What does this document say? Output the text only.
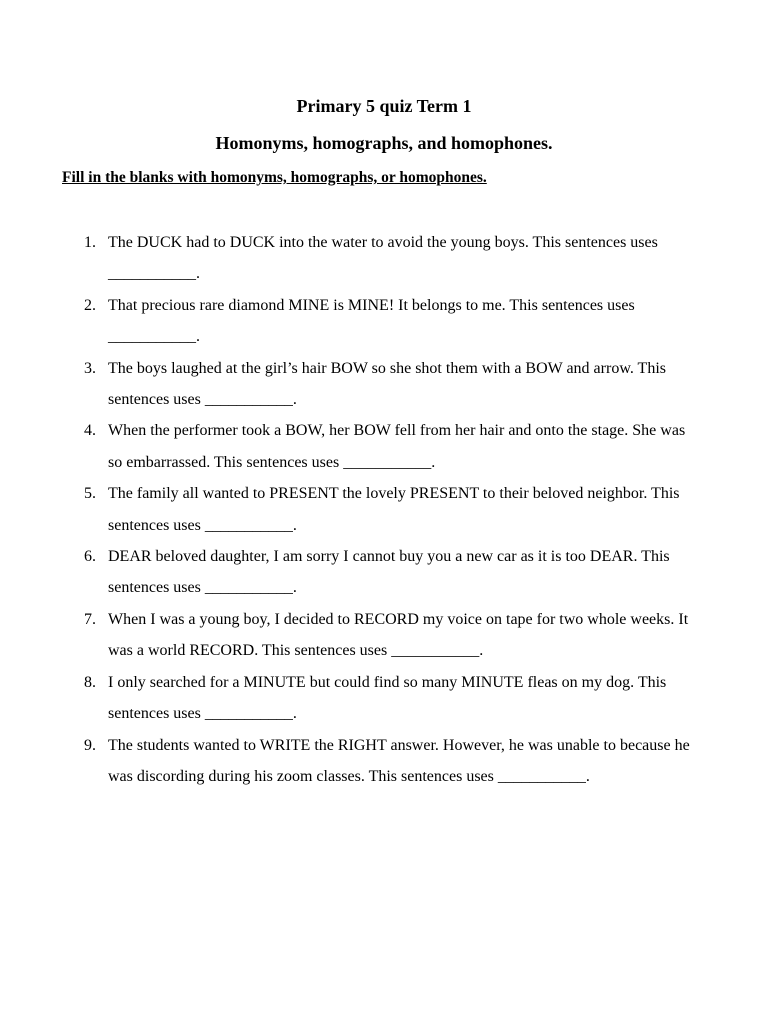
Primary 5 quiz Term 1
Homonyms, homographs, and homophones.

Fill in the blanks with homonyms, homographs, or homophones.

1. The DUCK had to DUCK into the water to avoid the young boys. This sentences uses ___________.
2. That precious rare diamond MINE is MINE! It belongs to me. This sentences uses ___________.
3. The boys laughed at the girl’s hair BOW so she shot them with a BOW and arrow. This sentences uses ___________.
4. When the performer took a BOW, her BOW fell from her hair and onto the stage. She was so embarrassed. This sentences uses ___________.
5. The family all wanted to PRESENT the lovely PRESENT to their beloved neighbor. This sentences uses ___________.
6. DEAR beloved daughter, I am sorry I cannot buy you a new car as it is too DEAR. This sentences uses ___________.
7. When I was a young boy, I decided to RECORD my voice on tape for two whole weeks. It was a world RECORD. This sentences uses ___________.
8. I only searched for a MINUTE but could find so many MINUTE fleas on my dog. This sentences uses ___________.
9. The students wanted to WRITE the RIGHT answer. However, he was unable to because he was discording during his zoom classes. This sentences uses ___________.
